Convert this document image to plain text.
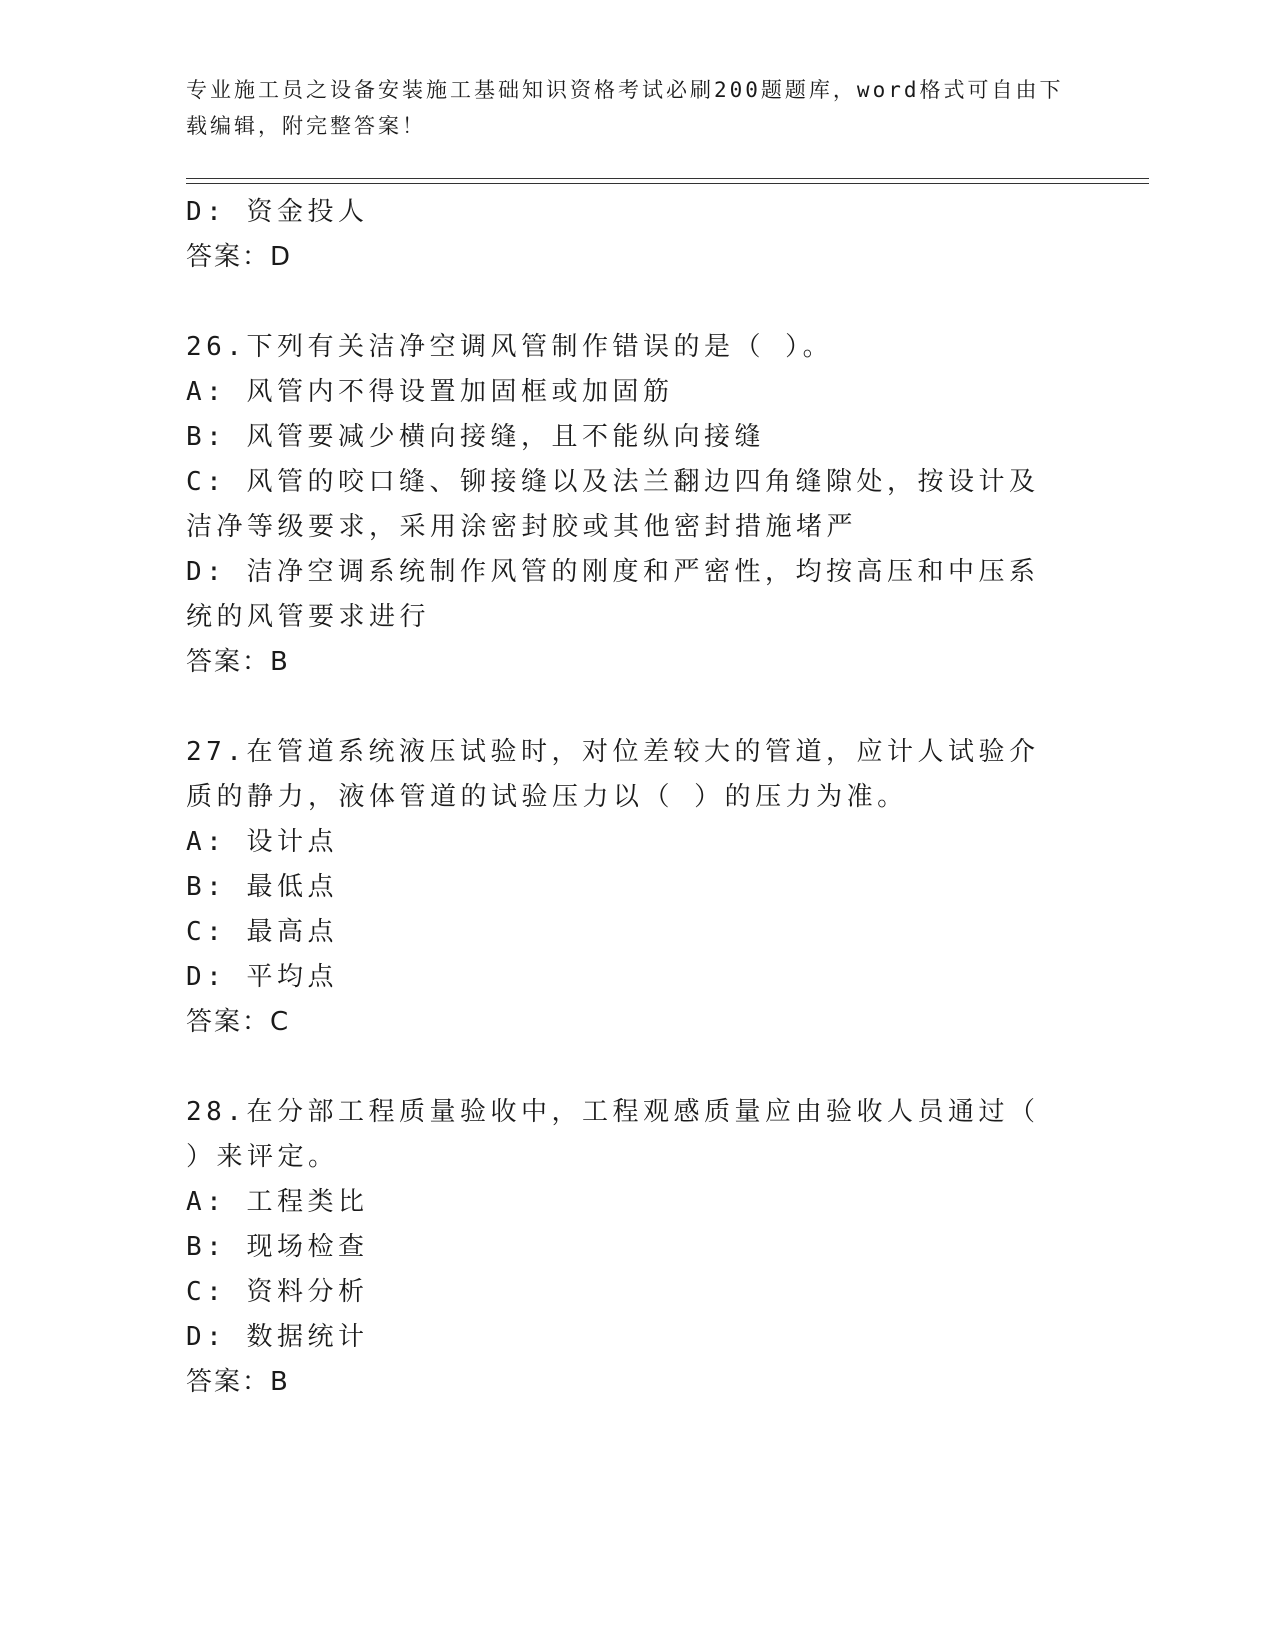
专业施工员之设备安装施工基础知识资格考试必刷200题题库，word格式可自由下载编辑，附完整答案！

D: 资金投人

答案：D

26.下列有关洁净空调风管制作错误的是（ ）。

A: 风管内不得设置加固框或加固筋

B: 风管要减少横向接缝，且不能纵向接缝

C: 风管的咬口缝、铆接缝以及法兰翻边四角缝隙处，按设计及洁净等级要求，采用涂密封胶或其他密封措施堵严

D: 洁净空调系统制作风管的刚度和严密性，均按高压和中压系统的风管要求进行

答案：B

27.在管道系统液压试验时，对位差较大的管道，应计人试验介质的静力，液体管道的试验压力以（ ）的压力为准。

A: 设计点

B: 最低点

C: 最高点

D: 平均点

答案：C

28.在分部工程质量验收中，工程观感质量应由验收人员通过（ ）来评定。

A: 工程类比

B: 现场检查

C: 资料分析

D: 数据统计

答案：B
